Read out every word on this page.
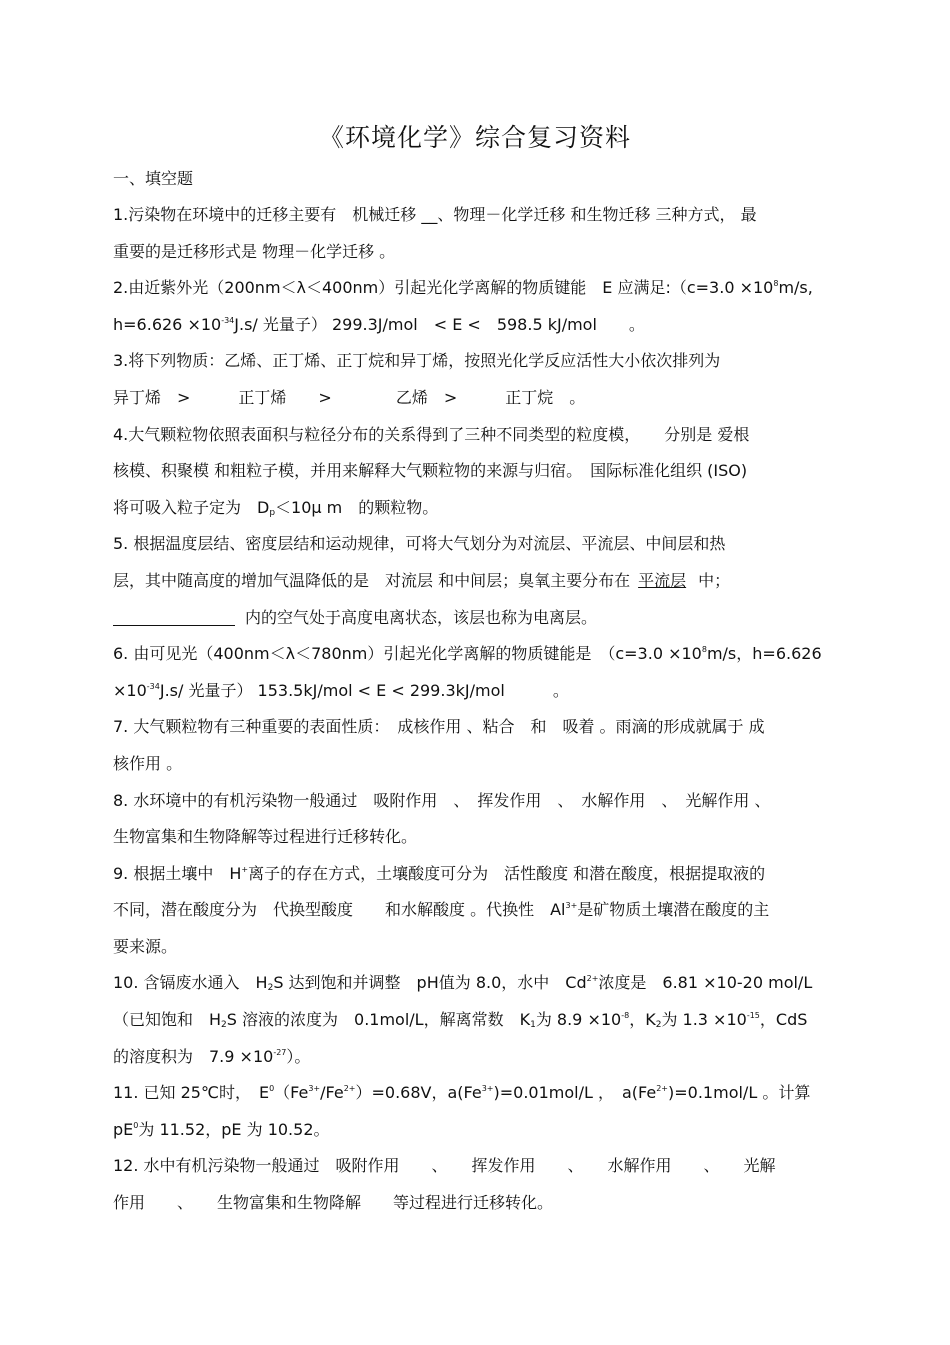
《环境化学》综合复习资料
一、填空题
1.污染物在环境中的迁移主要有　机械迁移 __、物理－化学迁移 和生物迁移 三种方式， 最
重要的是迁移形式是 物理－化学迁移 。
2.由近紫外光（200nm＜λ＜400nm）引起光化学离解的物质键能　E 应满足:（c=3.0 $\times 10^8m/s$,
$h=6.626 \times 10^{-34}J.s/$ 光量子） 299.3J/mol　< E <　598.5 kJ/mol　　。
3.将下列物质：乙烯、正丁烯、正丁烷和异丁烯，按照光化学反应活性大小依次排列为
异丁烯　>　　　正丁烯　　>　　　　乙烯　>　　　正丁烷　。
4.大气颗粒物依照表面积与粒径分布的关系得到了三种不同类型的粒度模，　　分别是 爱根
核模、积聚模 和粗粒子模，并用来解释大气颗粒物的来源与归宿。　国际标准化组织 (ISO)
将可吸入粒子定为　$D_p<10\mu$ m　的颗粒物。
5. 根据温度层结、密度层结和运动规律，可将大气划分为对流层、平流层、中间层和热
层，其中随高度的增加气温降低的是　对流层 和中间层；臭氧主要分布在 平流层 中；
内的空气处于高度电离状态，该层也称为电离层。
6. 由可见光（400nm＜λ＜780nm）引起光化学离解的物质键能是　（$c=3.0 \times 10^8m/s$，h=6.626
$\times 10^{-34}J.s/$ 光量子） 153.5kJ/mol < E < 299.3kJ/mol　　　。
7. 大气颗粒物有三种重要的表面性质：　成核作用 、粘合　和　吸着 。雨滴的形成就属于 成
核作用 。
8. 水环境中的有机污染物一般通过　吸附作用　、　挥发作用　、　水解作用　、　光解作用 、
生物富集和生物降解等过程进行迁移转化。
9. 根据土壤中　H+离子的存在方式，土壤酸度可分为　活性酸度 和潜在酸度，根据提取液的
不同，潜在酸度分为　代换型酸度　　和水解酸度 。代换性　$Al^{3+}$是矿物质土壤潜在酸度的主
要来源。
10. 含镉废水通入　$H_2S$ 达到饱和并调整　pH值为 8.0，水中　$Cd^{2+}$浓度是　6.81 ×10-20 mol/L
（已知饱和　$H_2S$ 溶液的浓度为　0.1mol/L，解离常数　$K_1$为 $8.9 \times 10^{-8}$，$K_2$为 $1.3 \times 10^{-15}$，CdS
的溶度积为　$7.9 \times 10^{-27}$）。
11. 已知 25℃时，　$E^0(Fe^{3+}/Fe^{2+})=0.68V$，$a(Fe^{3+})=0.01mol/L$ ，　$a(Fe^{2+})=0.1mol/L$ 。计算
$pE^0$为 11.52，pE 为 10.52。
12. 水中有机污染物一般通过　吸附作用　　、　　挥发作用　　、　　水解作用　　、　　光解
作用　　、　　生物富集和生物降解　　等过程进行迁移转化。
